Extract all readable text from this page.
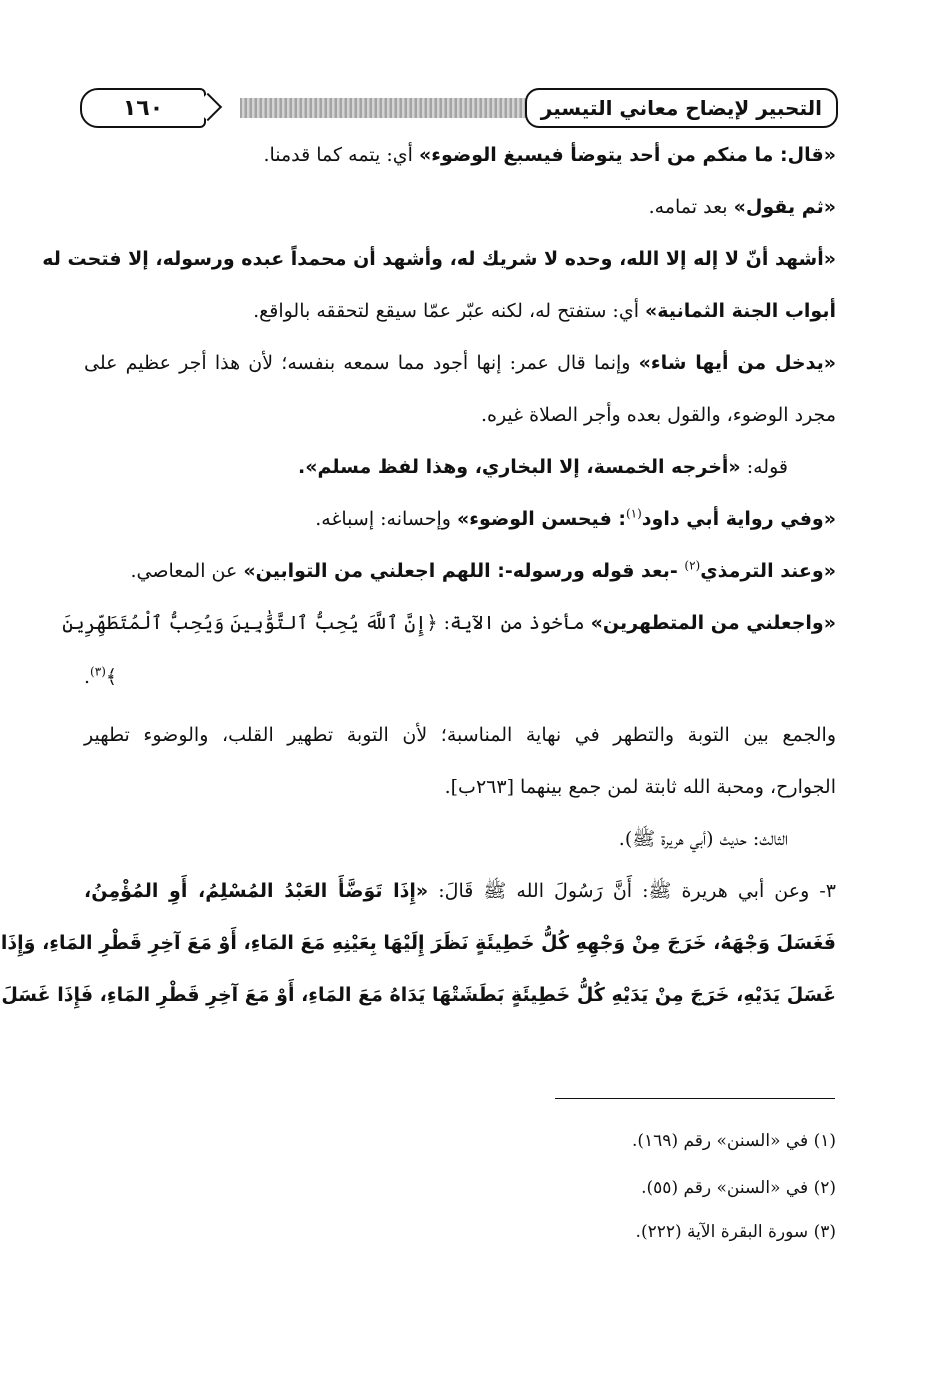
التحبير لإيضاح معاني التيسير
١٦٠
«قال: ما منكم من أحد يتوضأ فيسبغ الوضوء» أي: يتمه كما قدمنا.
«ثم يقول» بعد تمامه.
«أشهد أنّ لا إله إلا الله، وحده لا شريك له، وأشهد أن محمداً عبده ورسوله، إلا فتحت له
أبواب الجنة الثمانية» أي: ستفتح له، لكنه عبّر عمّا سيقع لتحققه بالواقع.
«يدخل من أيها شاء» وإنما قال عمر: إنها أجود مما سمعه بنفسه؛ لأن هذا أجر عظيم على
مجرد الوضوء، والقول بعده وأجر الصلاة غيره.
قوله: «أخرجه الخمسة، إلا البخاري، وهذا لفظ مسلم».
«وفي رواية أبي داود$^{(١)}$: فيحسن الوضوء» وإحسانه: إسباغه.
«وعند الترمذي$^{(٢)}$ -بعد قوله ورسوله-: اللهم اجعلني من التوابين» عن المعاصي.
«واجعلني من المتطهرين» مأخوذ من الآية: ﴿إِنَّ ٱللَّهَ يُحِبُّ ٱلتَّوَّٰبِينَ وَيُحِبُّ ٱلْمُتَطَهِّرِينَ
﴾$^{(٣)}$.
والجمع بين التوبة والتطهر في نهاية المناسبة؛ لأن التوبة تطهير القلب، والوضوء تطهير
الجوارح، ومحبة الله ثابتة لمن جمع بينهما [٢٦٣ب].
الثالث: حديث (أبي هريرة ﷺ).
٣- وعن أبي هريرة ﷺ: أَنَّ رَسُولَ الله ﷺ قَالَ: «إِذَا تَوَضَّأَ العَبْدُ المُسْلِمُ، أَوِ المُؤْمِنُ،
فَغَسَلَ وَجْهَهُ، خَرَجَ مِنْ وَجْهِهِ كُلُّ خَطِيئَةٍ نَظَرَ إِلَيْهَا بِعَيْنِهِ مَعَ المَاءِ، أَوْ مَعَ آخِرِ قَطْرِ المَاءِ، وَإِذَا
غَسَلَ يَدَيْهِ، خَرَجَ مِنْ يَدَيْهِ كُلُّ خَطِيئَةٍ بَطَشَتْهَا يَدَاهُ مَعَ المَاءِ، أَوْ مَعَ آخِرِ قَطْرِ المَاءِ، فَإِذَا غَسَلَ
(١) في «السنن» رقم (١٦٩).
(٢) في «السنن» رقم (٥٥).
(٣) سورة البقرة الآية (٢٢٢).
